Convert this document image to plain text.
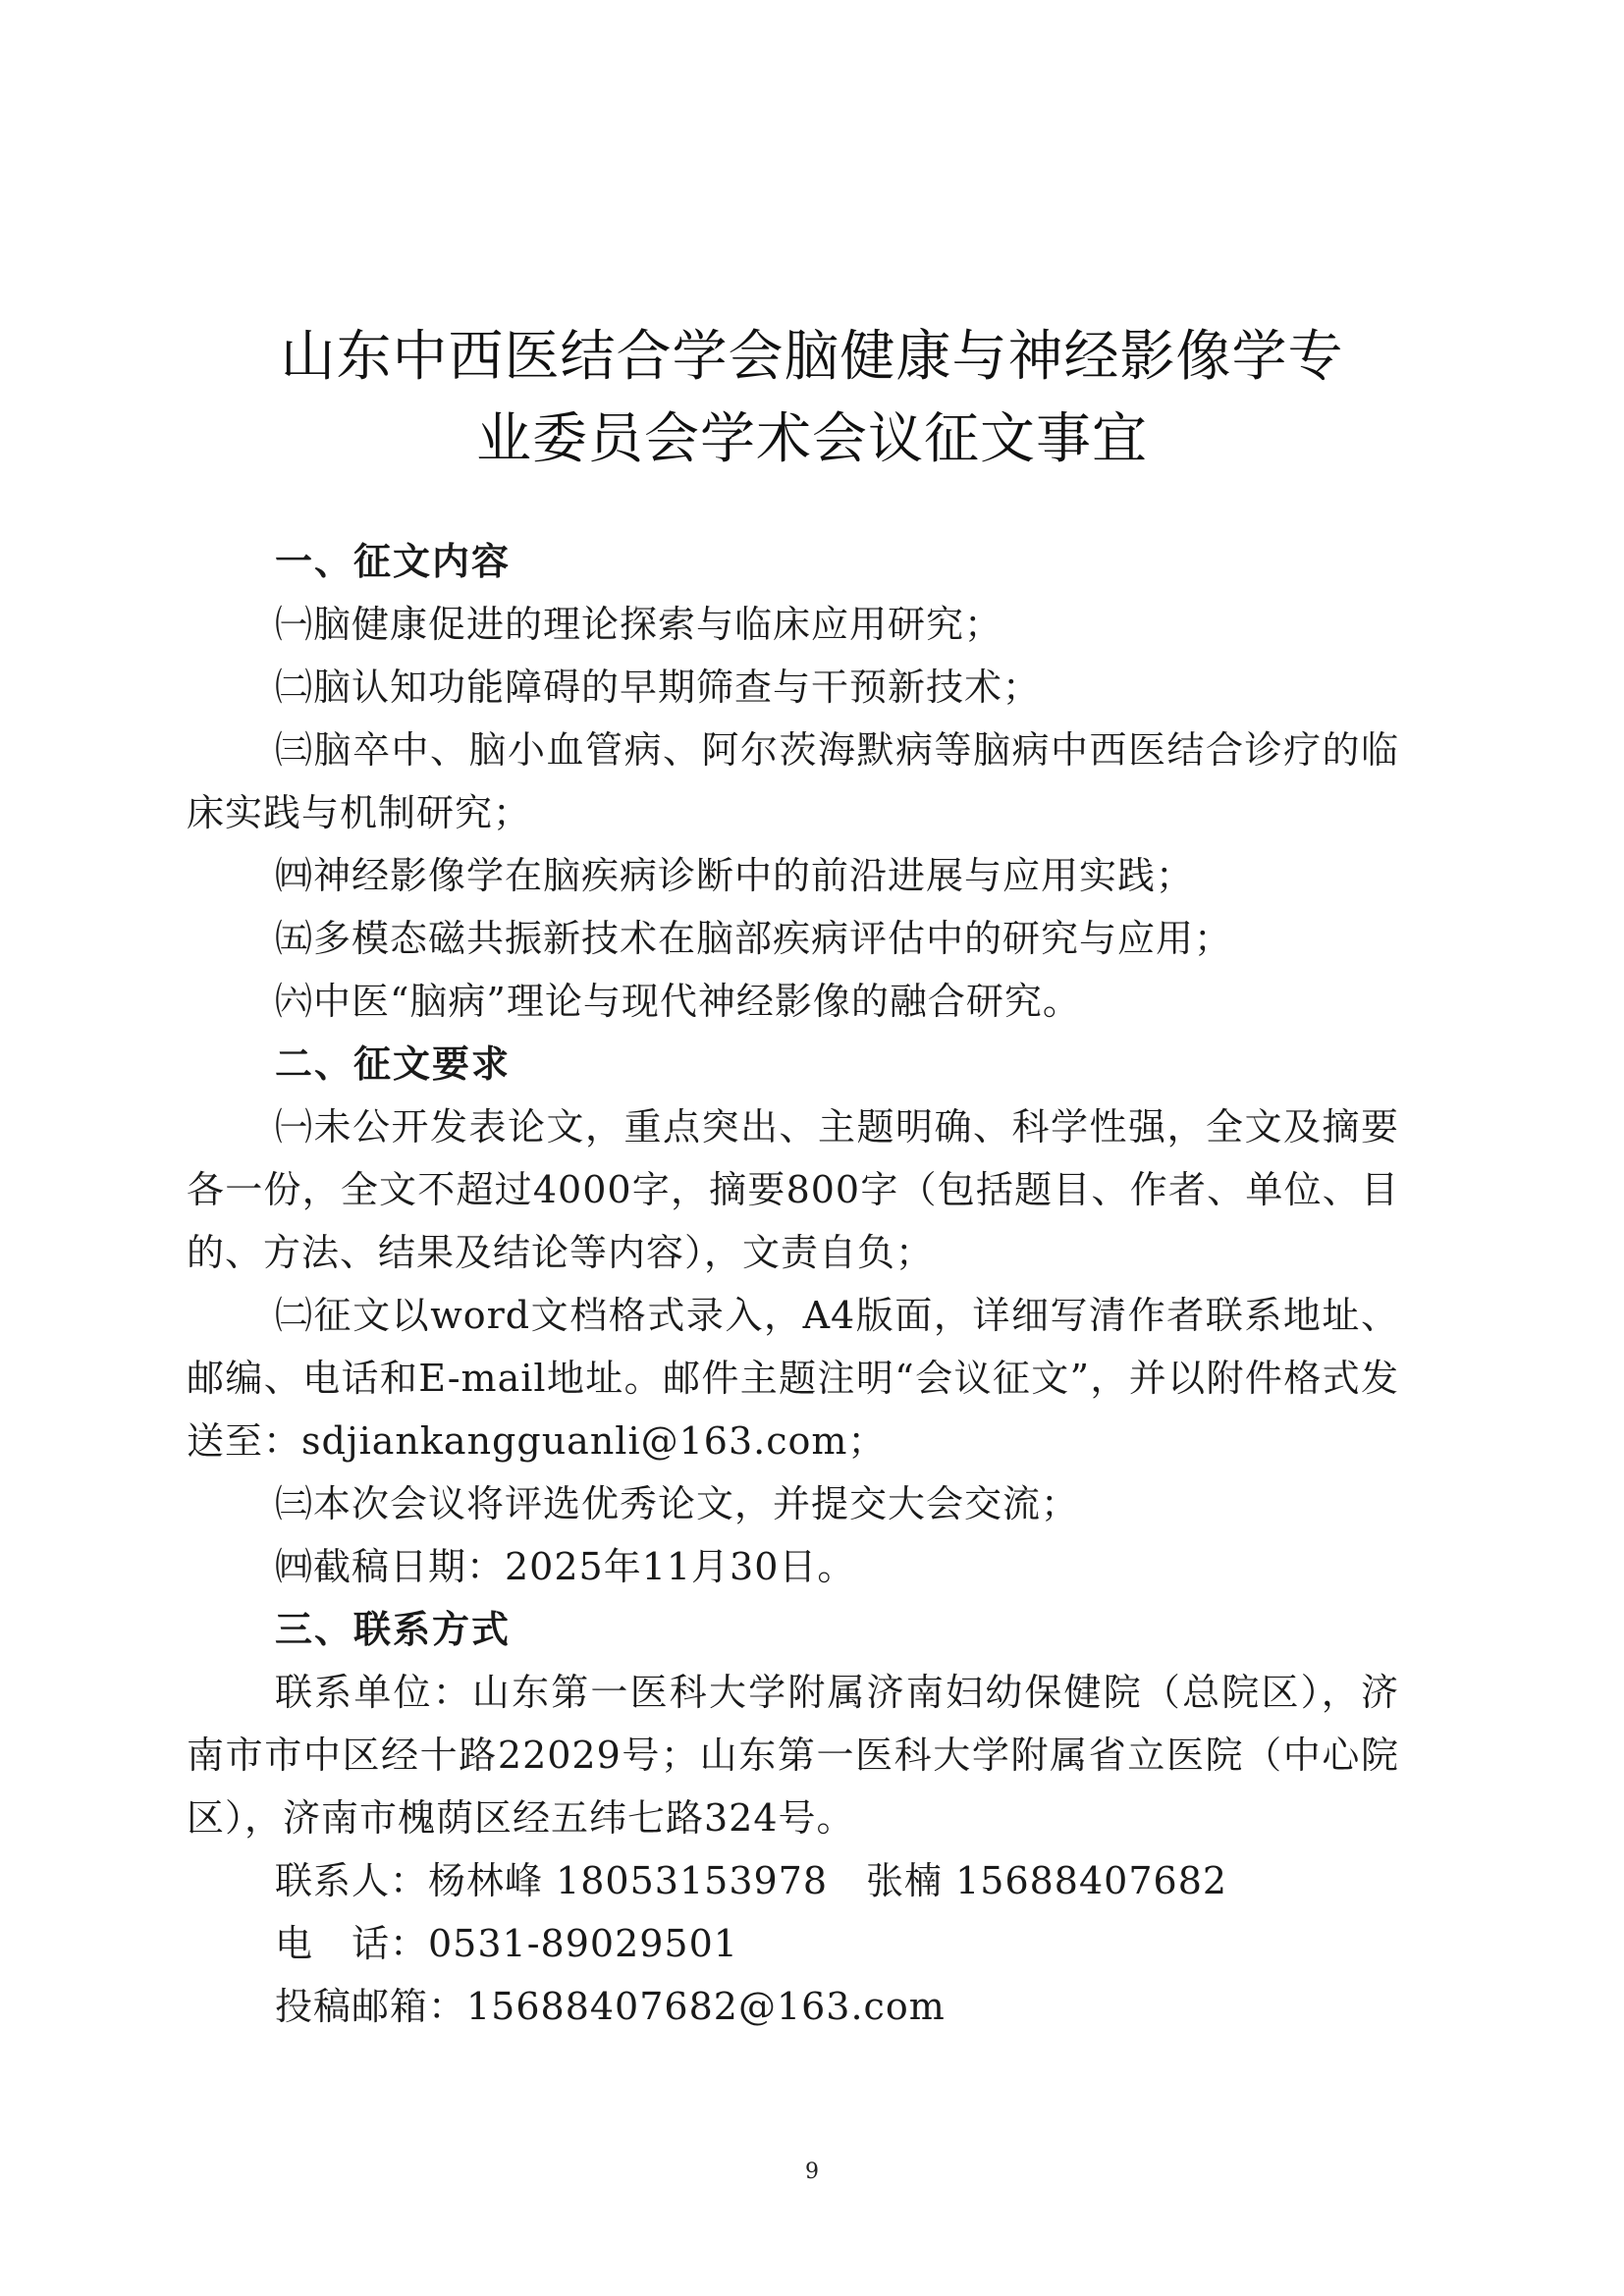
山东中西医结合学会脑健康与神经影像学专
业委员会学术会议征文事宜
一、征文内容

㈠脑健康促进的理论探索与临床应用研究；

㈡脑认知功能障碍的早期筛查与干预新技术；

㈢脑卒中、脑小血管病、阿尔茨海默病等脑病中西医结合诊疗的临床实践与机制研究；

㈣神经影像学在脑疾病诊断中的前沿进展与应用实践；

㈤多模态磁共振新技术在脑部疾病评估中的研究与应用；

㈥中医“脑病”理论与现代神经影像的融合研究。

二、征文要求

㈠未公开发表论文，重点突出、主题明确、科学性强，全文及摘要各一份，全文不超过4000字，摘要800字（包括题目、作者、单位、目的、方法、结果及结论等内容），文责自负；

㈡征文以word文档格式录入，A4版面，详细写清作者联系地址、邮编、电话和E-mail地址。邮件主题注明“会议征文”，并以附件格式发送至：sdjiankangguanli@163.com；

㈢本次会议将评选优秀论文，并提交大会交流；

㈣截稿日期：2025年11月30日。

三、联系方式

联系单位：山东第一医科大学附属济南妇幼保健院（总院区），济南市市中区经十路22029号；山东第一医科大学附属省立医院（中心院区），济南市槐荫区经五纬七路324号。

联系人：杨林峰 18053153978　张楠 15688407682

电　话：0531-89029501

投稿邮箱：15688407682@163.com

9
